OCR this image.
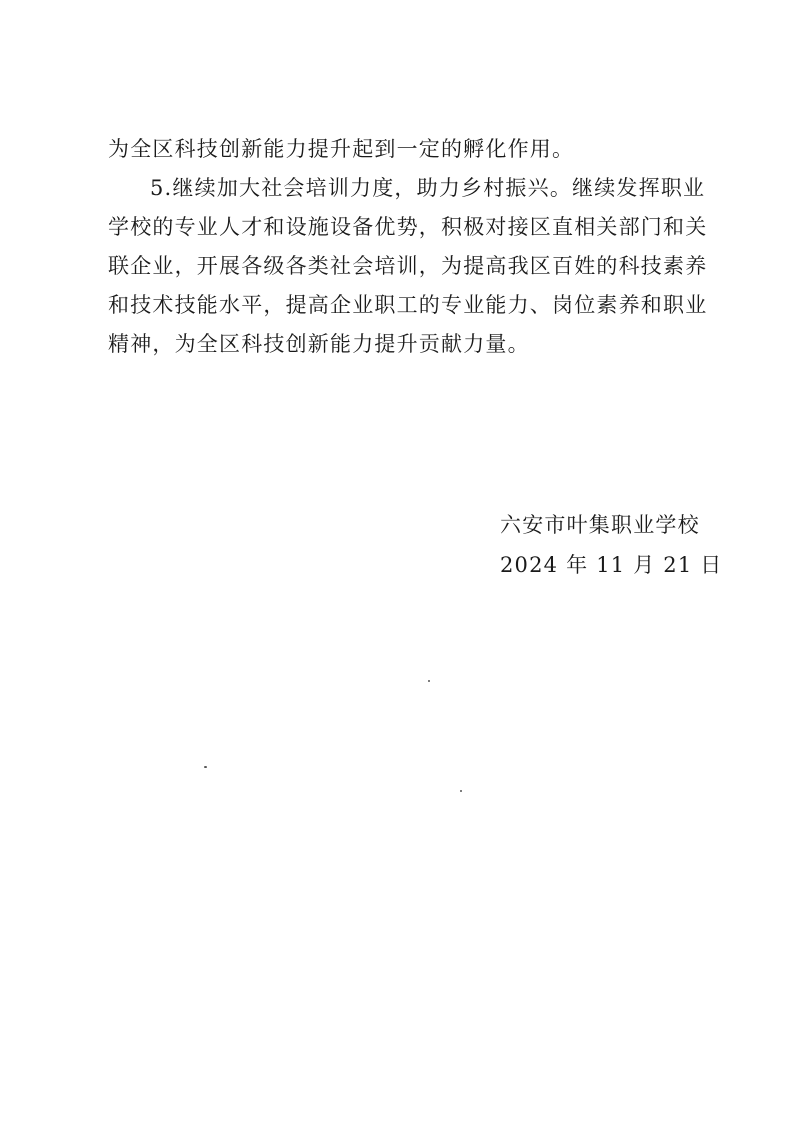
为全区科技创新能力提升起到一定的孵化作用。
5.继续加大社会培训力度，助力乡村振兴。继续发挥职业
学校的专业人才和设施设备优势，积极对接区直相关部门和关
联企业，开展各级各类社会培训，为提高我区百姓的科技素养
和技术技能水平，提高企业职工的专业能力、岗位素养和职业
精神，为全区科技创新能力提升贡献力量。
六安市叶集职业学校
2024 年 11 月 21 日
